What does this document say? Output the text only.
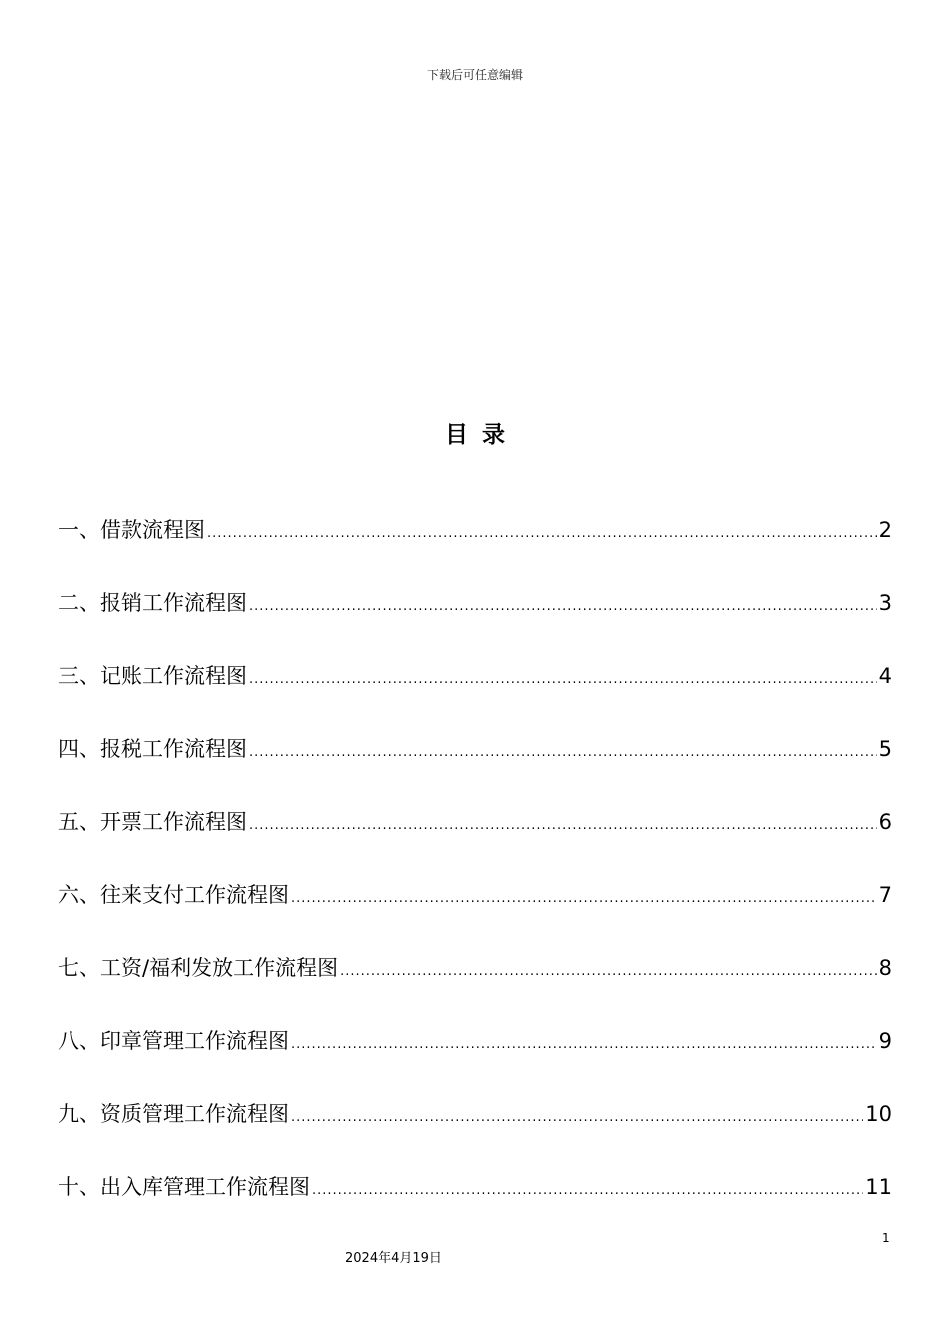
下载后可任意编辑
目录
一、借款流程图 .....	2
二、报销工作流程图 .....	3
三、记账工作流程图 .....	4
四、报税工作流程图 .....	5
五、开票工作流程图 .....	6
六、往来支付工作流程图 .....	7
七、工资/福利发放工作流程图 .....	8
八、印章管理工作流程图 .....	9
九、资质管理工作流程图 .....	10
十、出入库管理工作流程图 .....	11
1
2024年4月19日
